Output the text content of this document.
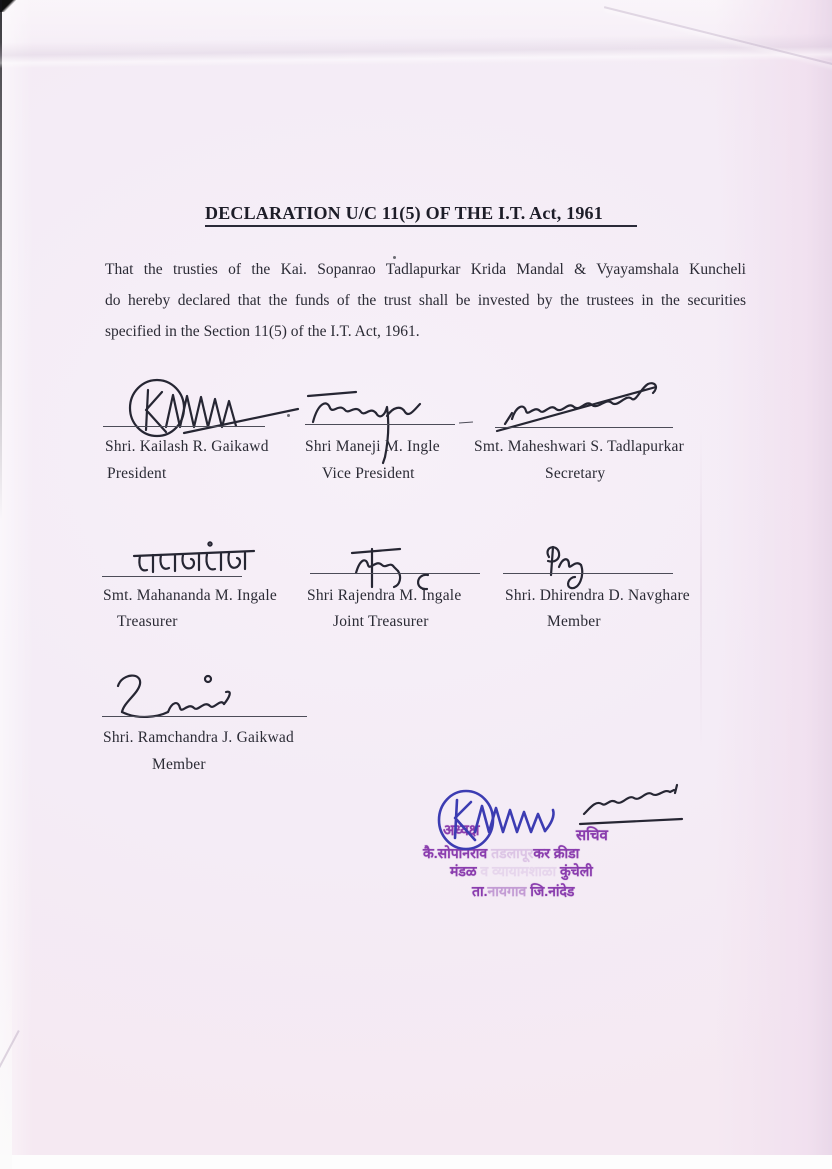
DECLARATION U/C 11(5) OF THE I.T. Act, 1961
That the trusties of the Kai. Sopanrao Tadlapurkar Krida Mandal & Vyayamshala Kuncheli
do hereby declared that the funds of the trust shall be invested by the trustees in the securities
specified in the Section 11(5) of the I.T. Act, 1961.
Shri. Kailash R. Gaikawd Shri Maneji M. Ingle Smt. Maheshwari S. Tadlapurkar
President	Vice President	Secretary
Smt. Mahananda M. Ingale Shri Rajendra M. Ingale	Shri. Dhirendra D. Navghare
Treasurer	Joint Treasurer	Member
Shri. Ramchandra J. Gaikwad
Member
अध्यक्ष	सचिव
कै.सोपानराव तडलापूरकर क्रीडा
मंडळ व व्यायामशाळा कुंचेली
ता.नायगाव जि.नांदेड
